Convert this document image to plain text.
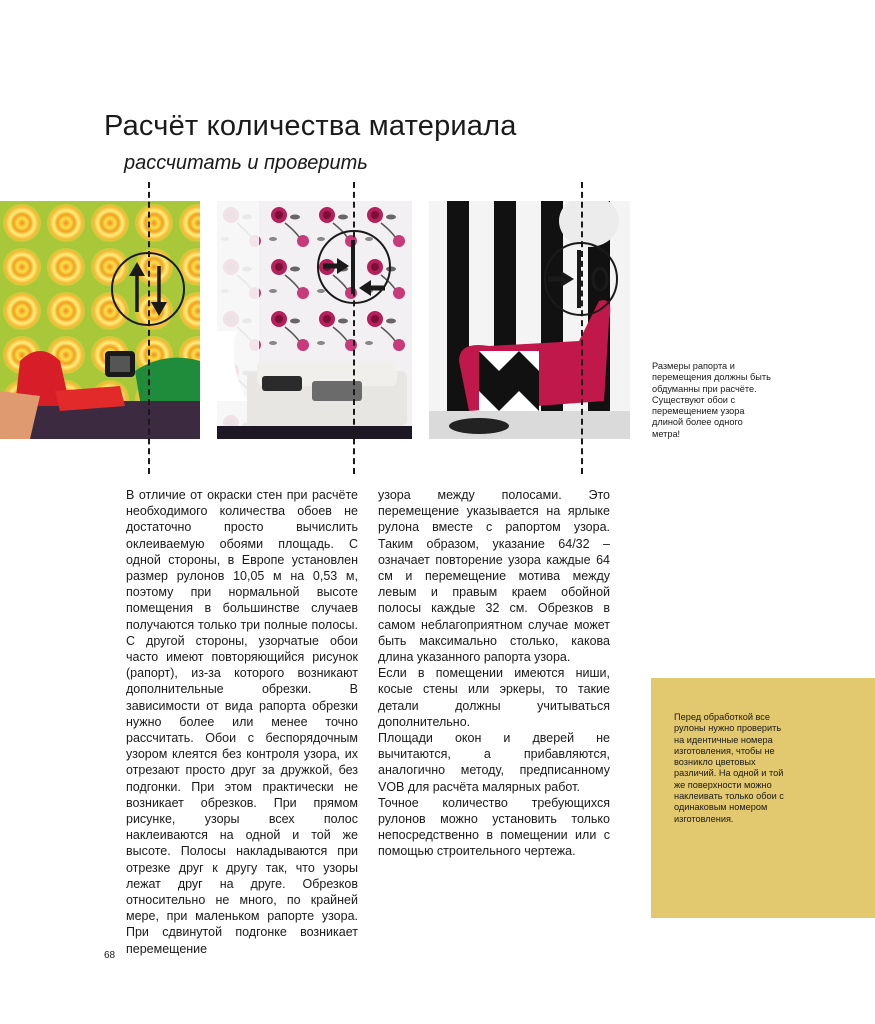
Расчёт количества материала
рассчитать и проверить
Размеры рапорта и перемещения должны быть обдуманны при расчёте. Существуют обои с перемещением узора длиной более одного метра!

В отличие от окраски стен при расчёте необходимого количества обоев не достаточно просто вычислить оклеиваемую обоями площадь. С одной стороны, в Европе установлен размер рулонов 10,05 м на 0,53 м, поэтому при нормальной высоте помещения в большинстве случаев получаются только три полные полосы. С другой стороны, узорчатые обои часто имеют повторяющийся рисунок (рапорт), из-за которого возникают дополнительные обрезки. В зависимости от вида рапорта обрезки нужно более или менее точно рассчитать. Обои с беспорядочным узором клеятся без контроля узора, их отрезают просто друг за дружкой, без подгонки. При этом практически не возникает обрезков. При прямом рисунке, узоры всех полос наклеиваются на одной и той же высоте. Полосы накладываются при отрезке друг к другу так, что узоры лежат друг на друге. Обрезков относительно не много, по крайней мере, при маленьком рапорте узора. При сдвинутой подгонке возникает перемещение

узора между полосами. Это перемещение указывается на ярлыке рулона вместе с рапортом узора. Таким образом, указание 64/32 – означает повторение узора каждые 64 см и перемещение мотива между левым и правым краем обойной полосы каждые 32 см. Обрезков в самом неблагоприятном случае может быть максимально столько, какова длина указанного рапорта узора.

Если в помещении имеются ниши, косые стены или эркеры, то такие детали должны учитываться дополнительно.

Площади окон и дверей не вычитаются, а прибавляются, аналогично методу, предписанному VOB для расчёта малярных работ.

Точное количество требующихся рулонов можно установить только непосредственно в помещении или с помощью строительного чертежа.

Перед обработкой все рулоны нужно проверить на идентичные номера изготовления, чтобы не возникло цветовых различий. На одной и той же поверхности можно наклеивать только обои с одинаковым номером изготовления.
68
